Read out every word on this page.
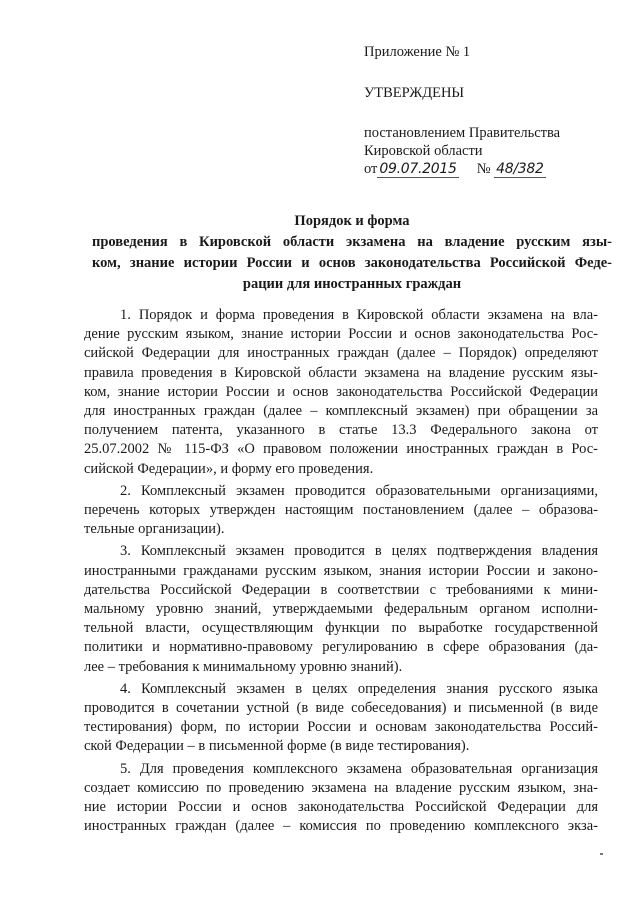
Приложение № 1
УТВЕРЖДЕНЫ
постановлением Правительства
Кировской области
от 09.07.2015 № 48/382
Порядок и форма
проведения в Кировской области экзамена на владение русским язы-
ком, знание истории России и основ законодательства Российской Феде-
рации для иностранных граждан
1. Порядок и форма проведения в Кировской области экзамена на вла-
дение русским языком, знание истории России и основ законодательства Рос-
сийской Федерации для иностранных граждан (далее – Порядок) определяют
правила проведения в Кировской области экзамена на владение русским язы-
ком, знание истории России и основ законодательства Российской Федерации
для иностранных граждан (далее – комплексный экзамен) при обращении за
получением патента, указанного в статье 13.3 Федерального закона от
25.07.2002 № 115-ФЗ «О правовом положении иностранных граждан в Рос-
сийской Федерации», и форму его проведения.
2. Комплексный экзамен проводится образовательными организациями,
перечень которых утвержден настоящим постановлением (далее – образова-
тельные организации).
3. Комплексный экзамен проводится в целях подтверждения владения
иностранными гражданами русским языком, знания истории России и законо-
дательства Российской Федерации в соответствии с требованиями к мини-
мальному уровню знаний, утверждаемыми федеральным органом исполни-
тельной власти, осуществляющим функции по выработке государственной
политики и нормативно-правовому регулированию в сфере образования (да-
лее – требования к минимальному уровню знаний).
4. Комплексный экзамен в целях определения знания русского языка
проводится в сочетании устной (в виде собеседования) и письменной (в виде
тестирования) форм, по истории России и основам законодательства Россий-
ской Федерации – в письменной форме (в виде тестирования).
5. Для проведения комплексного экзамена образовательная организация
создает комиссию по проведению экзамена на владение русским языком, зна-
ние истории России и основ законодательства Российской Федерации для
иностранных граждан (далее – комиссия по проведению комплексного экза-
